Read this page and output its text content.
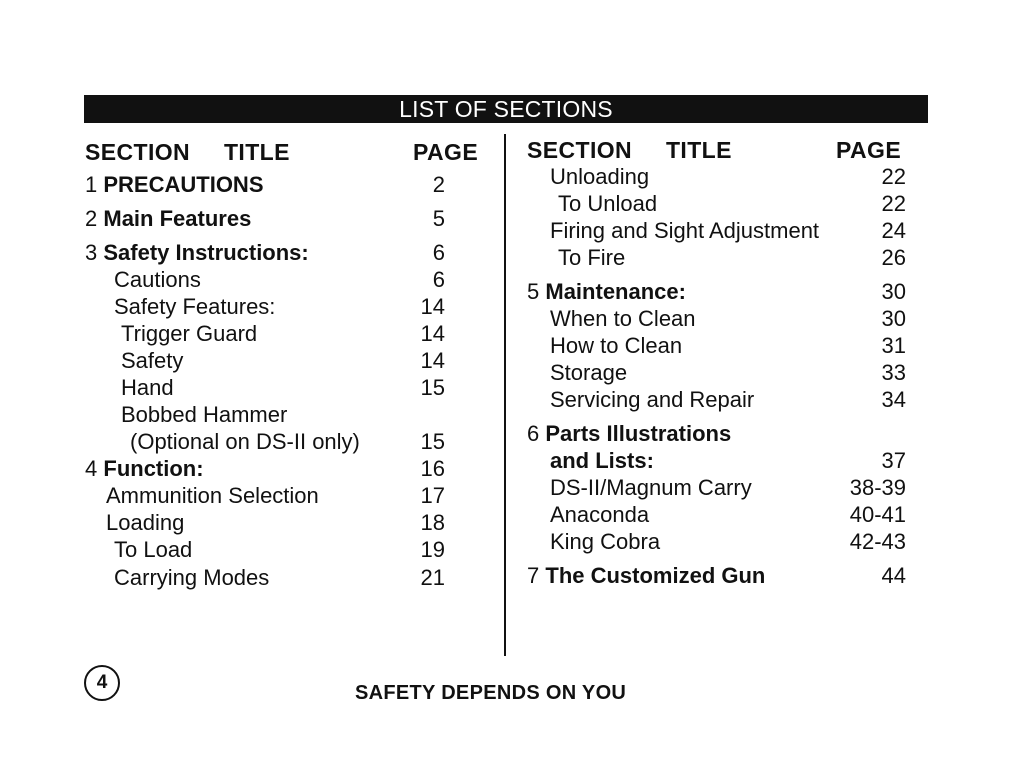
LIST OF SECTIONS
SECTION     TITLE	PAGE
1 PRECAUTIONS	2
2 Main Features	5
3 Safety Instructions:	6
Cautions	6
Safety Features:	14
Trigger Guard	14
Safety	14
Hand	15
Bobbed Hammer
(Optional on DS-II only)	15
4 Function:	16
Ammunition Selection	17
Loading	18
To Load	19
Carrying Modes	21
SECTION     TITLE	PAGE
Unloading	22
To Unload	22
Firing and Sight Adjustment	24
To Fire	26
5 Maintenance:	30
When to Clean	30
How to Clean	31
Storage	33
Servicing and Repair	34
6 Parts Illustrations
and Lists:	37
DS-II/Magnum Carry	38-39
Anaconda	40-41
King Cobra	42-43
7 The Customized Gun	44
4	SAFETY DEPENDS ON YOU
